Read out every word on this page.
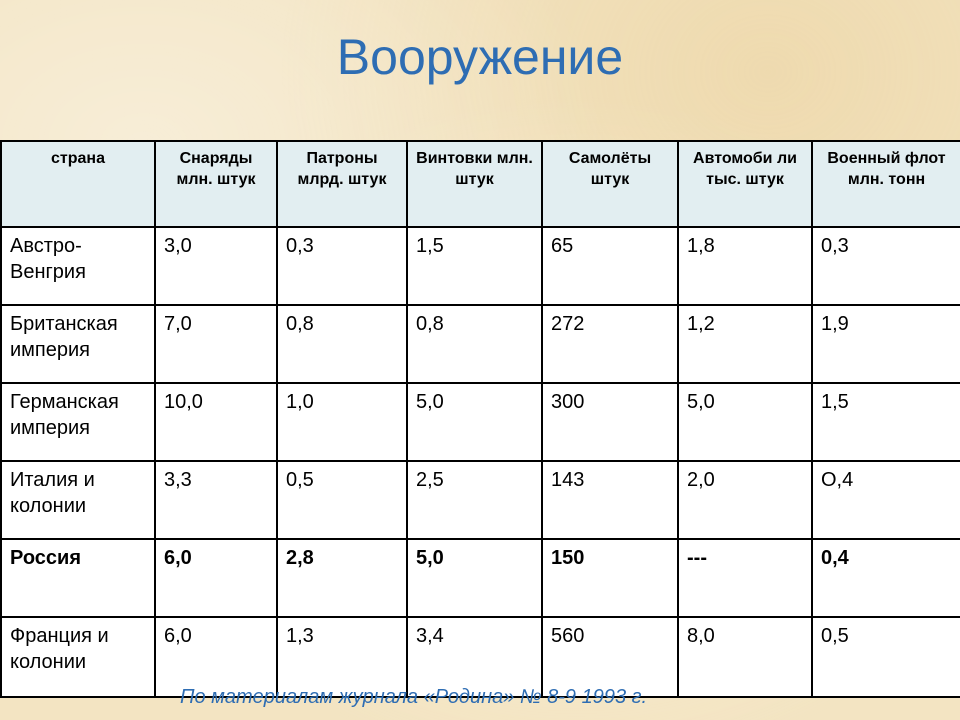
Вооружение
страна	Снаряды млн. штук	Патроны млрд. штук	Винтовки млн. штук	Самолёты штук	Автомоби ли тыс. штук	Военный флот млн. тонн
Австро-Венгрия	3,0	0,3	1,5	65	1,8	0,3
Британская империя	7,0	0,8	0,8	272	1,2	1,9
Германская империя	10,0	1,0	5,0	300	5,0	1,5
Италия и колонии	3,3	0,5	2,5	143	2,0	О,4
Россия	6,0	2,8	5,0	150	---	0,4
Франция и колонии	6,0	1,3	3,4	560	8,0	0,5

По материалам журнала «Родина» № 8-9 1993 г.
